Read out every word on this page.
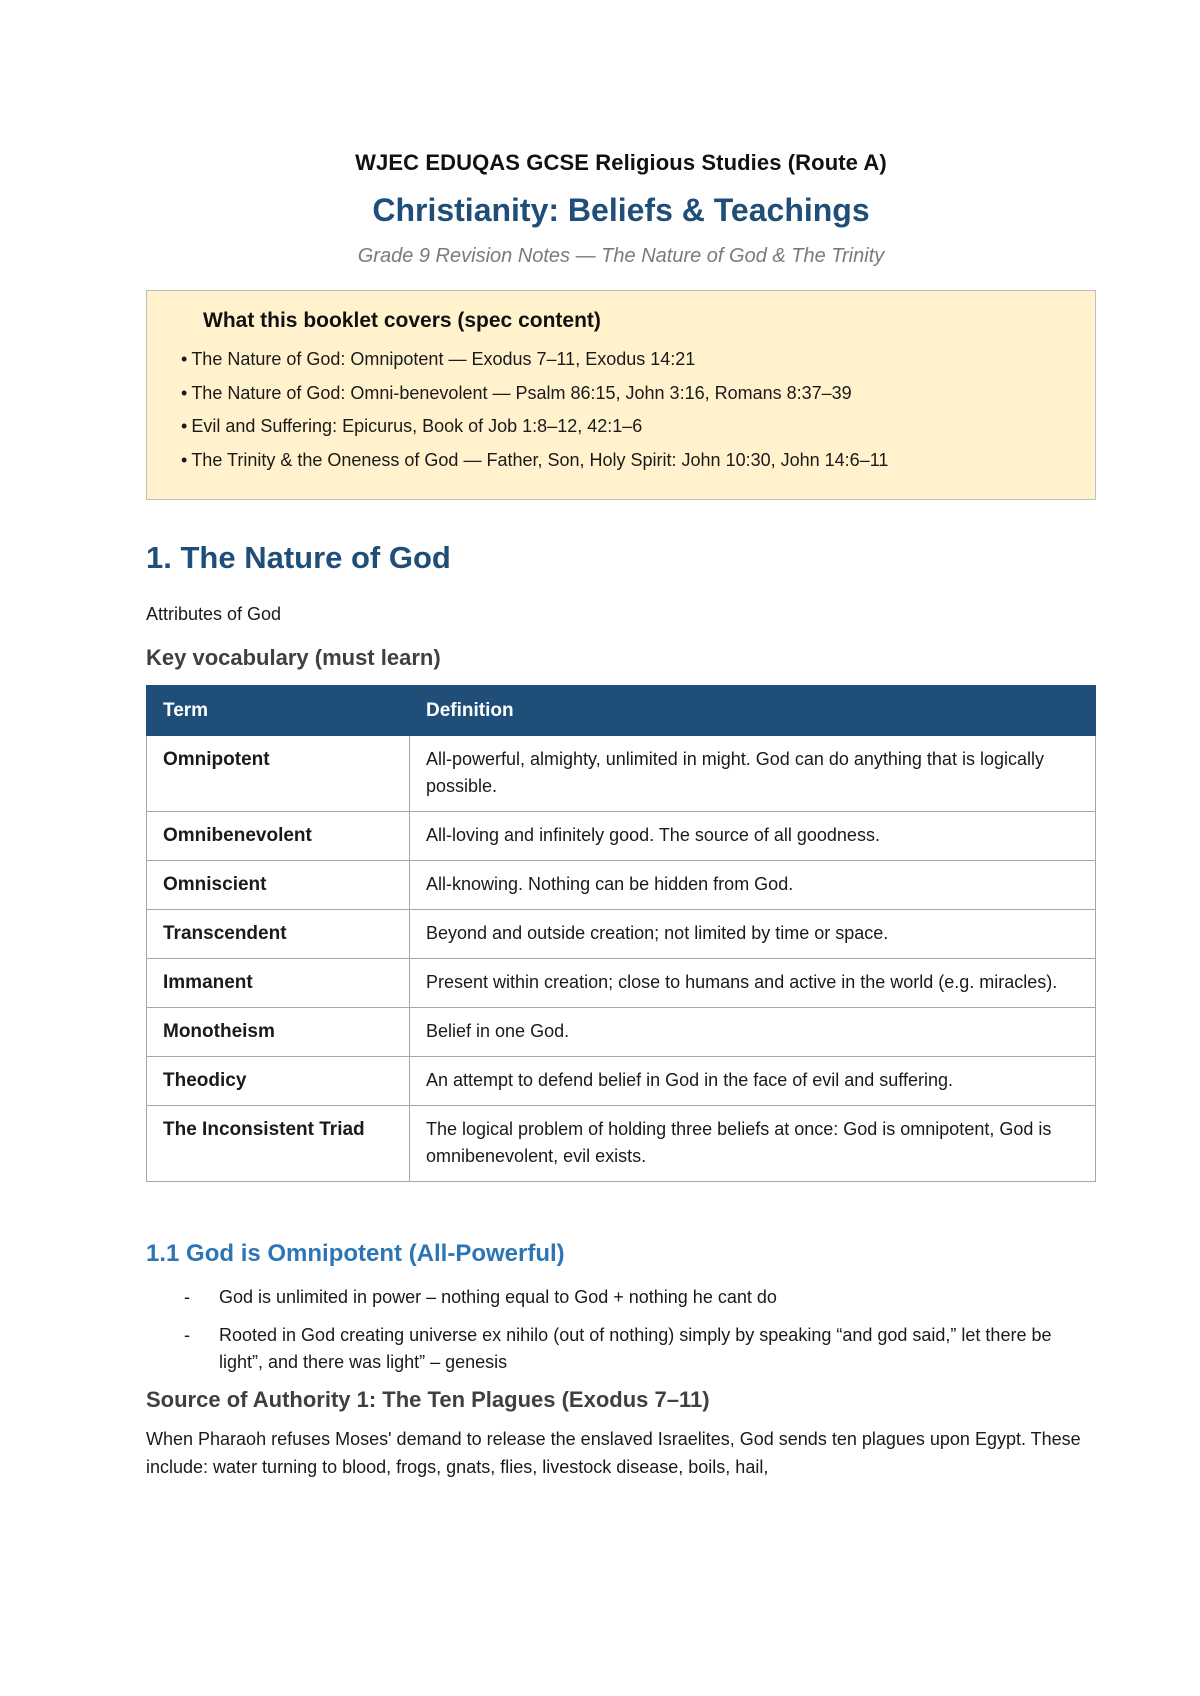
WJEC EDUQAS GCSE Religious Studies (Route A)
Christianity: Beliefs & Teachings
Grade 9 Revision Notes — The Nature of God & The Trinity
What this booklet covers (spec content)
• The Nature of God: Omnipotent — Exodus 7–11, Exodus 14:21
• The Nature of God: Omni-benevolent — Psalm 86:15, John 3:16, Romans 8:37–39
• Evil and Suffering: Epicurus, Book of Job 1:8–12, 42:1–6
• The Trinity & the Oneness of God — Father, Son, Holy Spirit: John 10:30, John 14:6–11
1. The Nature of God
Attributes of God
Key vocabulary (must learn)
Term	Definition
Omnipotent	All-powerful, almighty, unlimited in might. God can do anything that is logically possible.
Omnibenevolent	All-loving and infinitely good. The source of all goodness.
Omniscient	All-knowing. Nothing can be hidden from God.
Transcendent	Beyond and outside creation; not limited by time or space.
Immanent	Present within creation; close to humans and active in the world (e.g. miracles).
Monotheism	Belief in one God.
Theodicy	An attempt to defend belief in God in the face of evil and suffering.
The Inconsistent Triad	The logical problem of holding three beliefs at once: God is omnipotent, God is omnibenevolent, evil exists.
1.1 God is Omnipotent (All-Powerful)
- God is unlimited in power – nothing equal to God + nothing he cant do
- Rooted in God creating universe ex nihilo (out of nothing) simply by speaking “and god said,” let there be light”, and there was light” – genesis
Source of Authority 1: The Ten Plagues (Exodus 7–11)

When Pharaoh refuses Moses' demand to release the enslaved Israelites, God sends ten plagues upon Egypt. These include: water turning to blood, frogs, gnats, flies, livestock disease, boils, hail,
